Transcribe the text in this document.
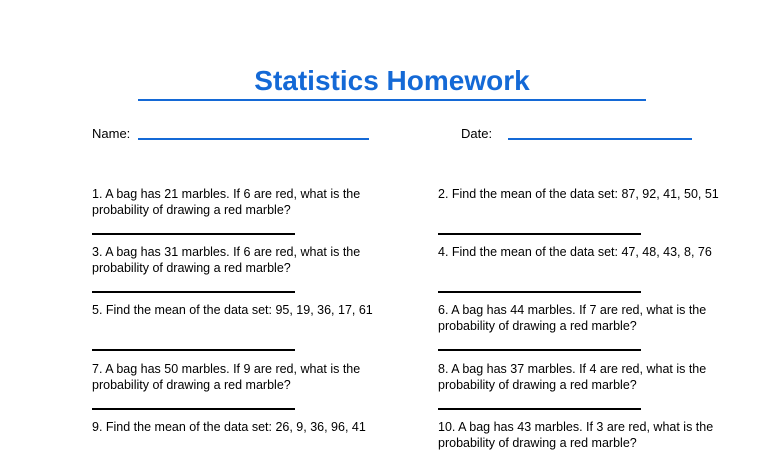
Statistics Homework
Name:	Date:
1. A bag has 21 marbles. If 6 are red, what is the probability of drawing a red marble?
2. Find the mean of the data set: 87, 92, 41, 50, 51
3. A bag has 31 marbles. If 6 are red, what is the probability of drawing a red marble?
4. Find the mean of the data set: 47, 48, 43, 8, 76
5. Find the mean of the data set: 95, 19, 36, 17, 61	6. A bag has 44 marbles. If 7 are red, what is the probability of drawing a red marble?
7. A bag has 50 marbles. If 9 are red, what is the probability of drawing a red marble?
8. A bag has 37 marbles. If 4 are red, what is the probability of drawing a red marble?
9. Find the mean of the data set: 26, 9, 36, 96, 41	10. A bag has 43 marbles. If 3 are red, what is the probability of drawing a red marble?
